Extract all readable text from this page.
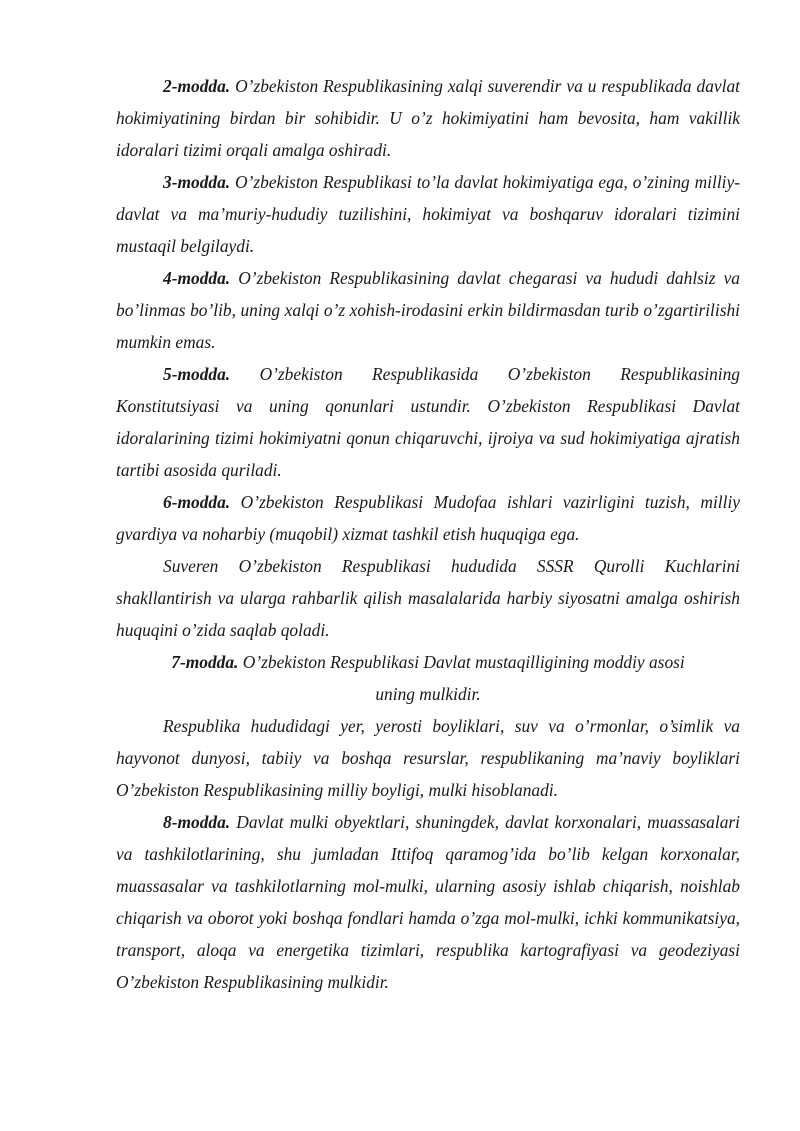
2-modda. O’zbekiston Respublikasining xalqi suverendir va u respublikada davlat hokimiyatining birdan bir sohibidir. U o’z hokimiyatini ham bevosita, ham vakillik idoralari tizimi orqali amalga oshiradi.

3-modda. O’zbekiston Respublikasi to’la davlat hokimiyatiga ega, o’zining milliy-davlat va ma’muriy-hududiy tuzilishini, hokimiyat va boshqaruv idoralari tizimini mustaqil belgilaydi.

4-modda. O’zbekiston Respublikasining davlat chegarasi va hududi dahlsiz va bo’linmas bo’lib, uning xalqi o’z xohish-irodasini erkin bildirmasdan turib o’zgartirilishi mumkin emas.

5-modda. O’zbekiston Respublikasida O’zbekiston Respublikasining Konstitutsiyasi va uning qonunlari ustundir. O’zbekiston Respublikasi Davlat idoralarining tizimi hokimiyatni qonun chiqaruvchi, ijroiya va sud hokimiyatiga ajratish tartibi asosida quriladi.

6-modda. O’zbekiston Respublikasi Mudofaa ishlari vazirligini tuzish, milliy gvardiya va noharbiy (muqobil) xizmat tashkil etish huquqiga ega.

Suveren O’zbekiston Respublikasi hududida SSSR Qurolli Kuchlarini shakllantirish va ularga rahbarlik qilish masalalarida harbiy siyosatni amalga oshirish huquqini o’zida saqlab qoladi.

7-modda. O’zbekiston Respublikasi Davlat mustaqilligining moddiy asosi

uning mulkidir.

Respublika hududidagi yer, yerosti boyliklari, suv va o’rmonlar, o’simlik va hayvonot dunyosi, tabiiy va boshqa resurslar, respublikaning ma’naviy boyliklari O’zbekiston Respublikasining milliy boyligi, mulki hisoblanadi.

8-modda. Davlat mulki obyektlari, shuningdek, davlat korxonalari, muassasalari va tashkilotlarining, shu jumladan Ittifoq qaramog’ida bo’lib kelgan korxonalar, muassasalar va tashkilotlarning mol-mulki, ularning asosiy ishlab chiqarish, noishlab chiqarish va oborot yoki boshqa fondlari hamda o’zga mol-mulki, ichki kommunikatsiya, transport, aloqa va energetika tizimlari, respublika kartografiyasi va geodeziyasi O’zbekiston Respublikasining mulkidir.
